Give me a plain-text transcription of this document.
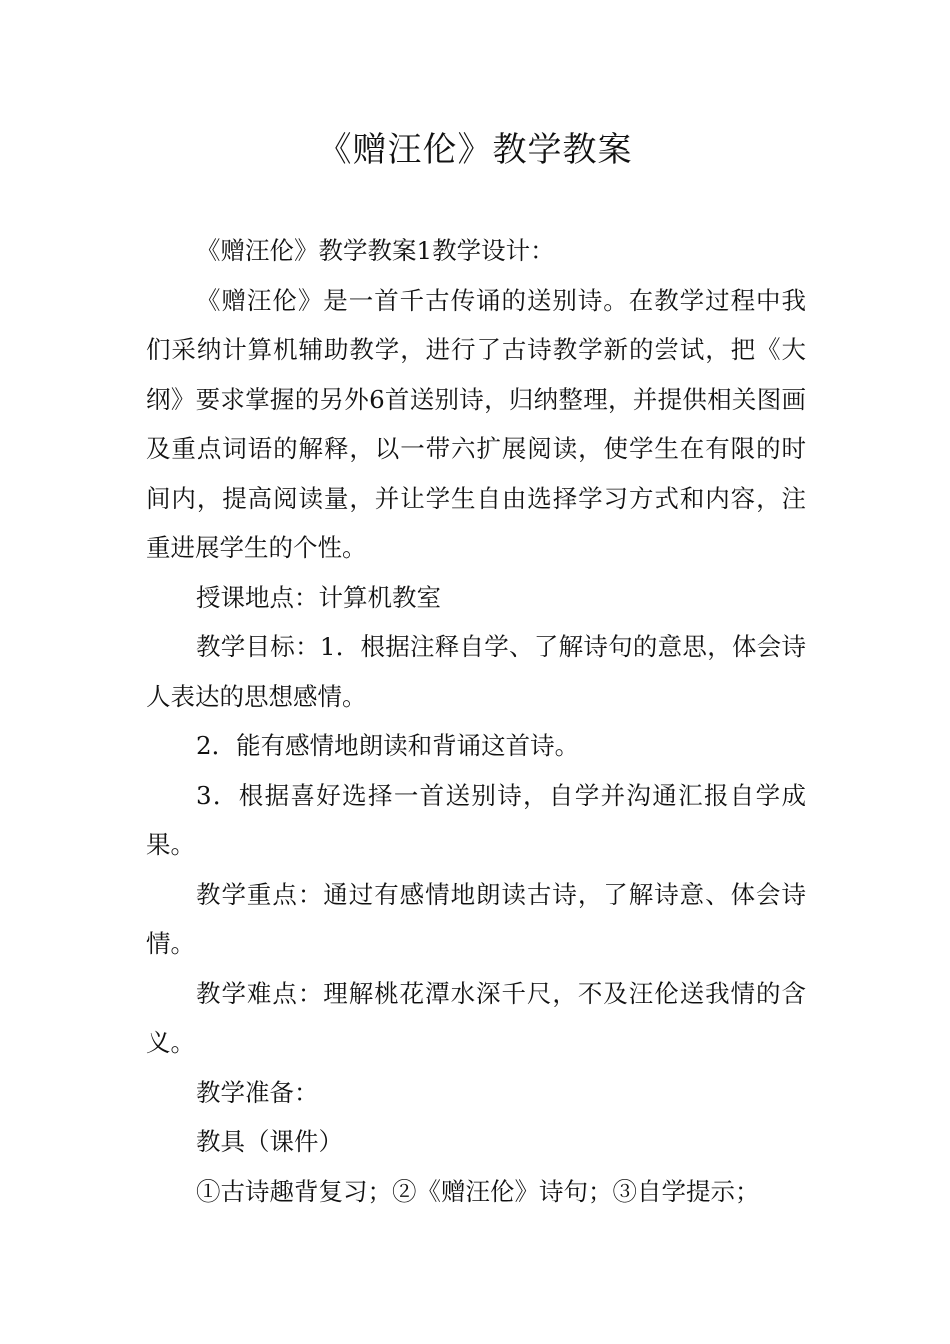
《赠汪伦》教学教案

《赠汪伦》教学教案1教学设计：

《赠汪伦》是一首千古传诵的送别诗。在教学过程中我们采纳计算机辅助教学，进行了古诗教学新的尝试，把《大纲》要求掌握的另外6首送别诗，归纳整理，并提供相关图画及重点词语的解释，以一带六扩展阅读，使学生在有限的时间内，提高阅读量，并让学生自由选择学习方式和内容，注重进展学生的个性。

授课地点：计算机教室

教学目标：1．根据注释自学、了解诗句的意思，体会诗人表达的思想感情。

2．能有感情地朗读和背诵这首诗。

3．根据喜好选择一首送别诗，自学并沟通汇报自学成果。

教学重点：通过有感情地朗读古诗，了解诗意、体会诗情。

教学难点：理解桃花潭水深千尺，不及汪伦送我情的含义。

教学准备：

教具（课件）

①古诗趣背复习；②《赠汪伦》诗句；③自学提示；
